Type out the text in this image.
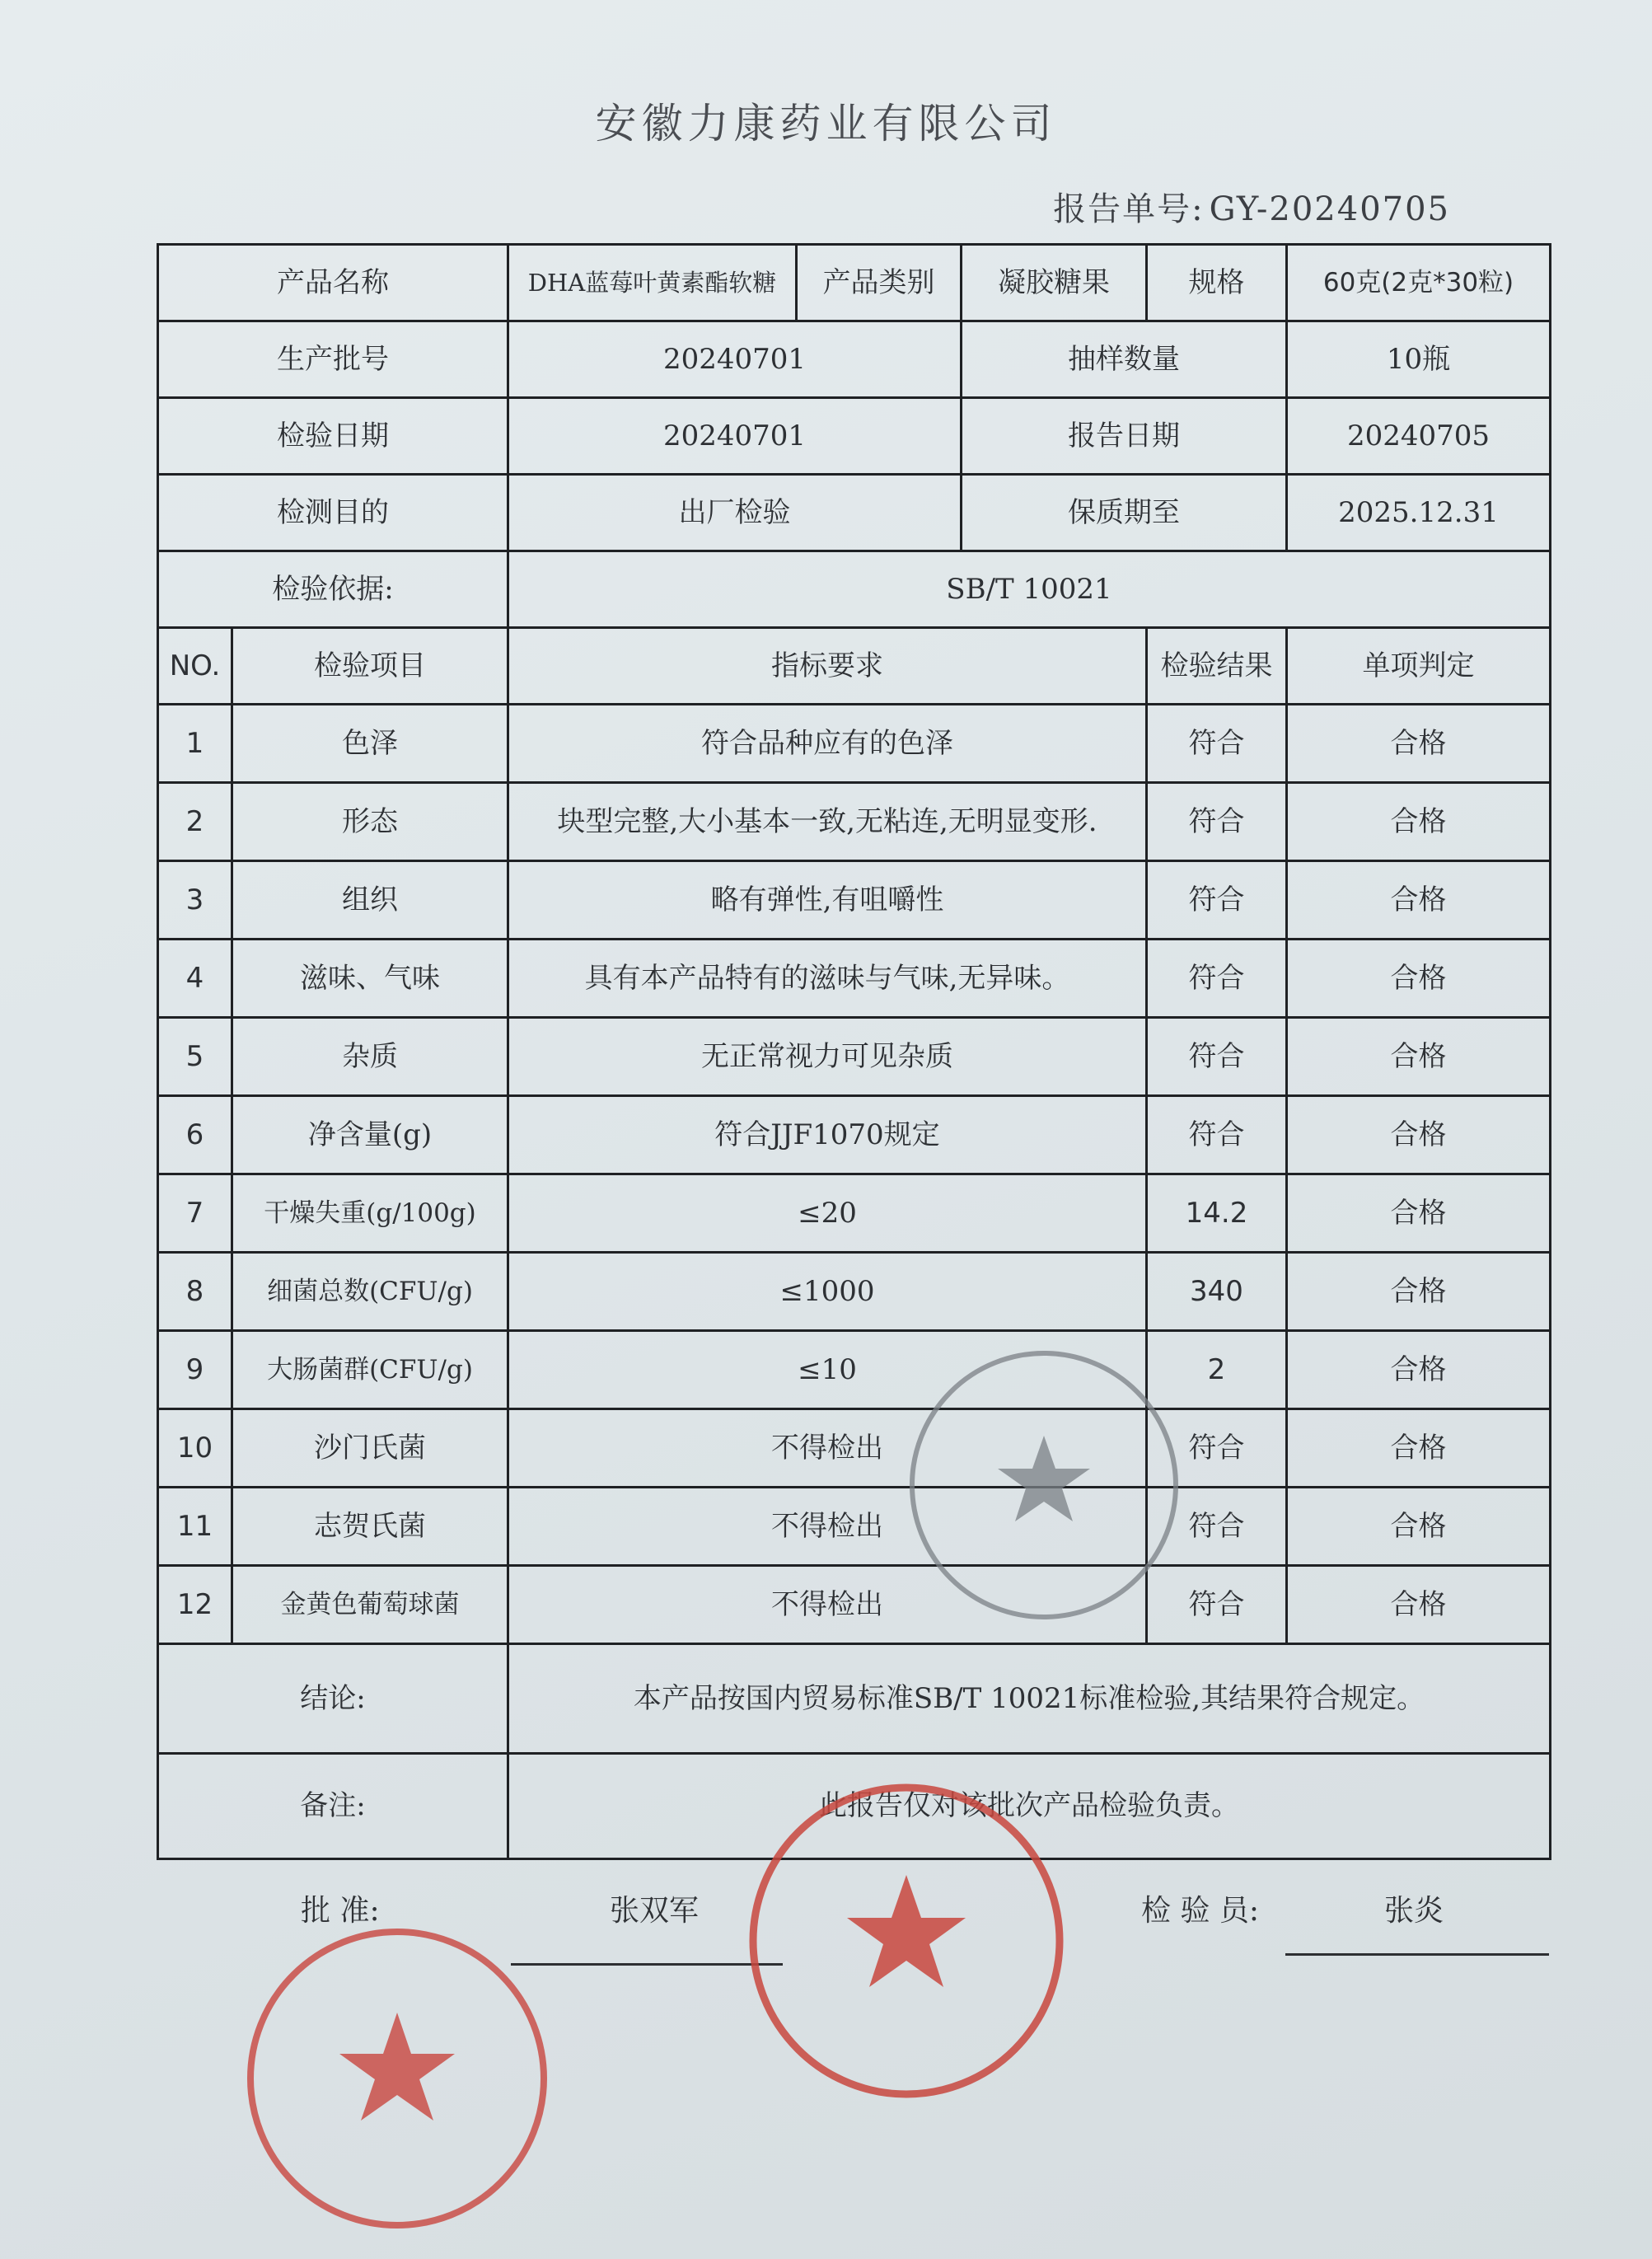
安徽力康药业有限公司
报告单号: GY-20240705
产品名称		DHA蓝莓叶黄素酯软糖	产品类别	凝胶糖果	规格	60克(2克*30粒)
生产批号		20240701		抽样数量		10瓶
检验日期		20240701		报告日期		20240705
检测目的		出厂检验		保质期至		2025.12.31
检验依据:		SB/T 10021				
NO.	检验项目	指标要求			检验结果	单项判定
1	色泽	符合品种应有的色泽			符合	合格
2	形态	块型完整,大小基本一致,无粘连,无明显变形.			符合	合格
3	组织	略有弹性,有咀嚼性			符合	合格
4	滋味、气味	具有本产品特有的滋味与气味,无异味。			符合	合格
5	杂质	无正常视力可见杂质			符合	合格
6	净含量(g)	符合JJF1070规定			符合	合格
7	干燥失重(g/100g)	≤20			14.2	合格
8	细菌总数(CFU/g)	≤1000			340	合格
9	大肠菌群(CFU/g)	≤10			2	合格
10	沙门氏菌	不得检出			符合	合格
11	志贺氏菌	不得检出			符合	合格
12	金黄色葡萄球菌	不得检出			符合	合格
结论:		本产品按国内贸易标准SB/T 10021标准检验,其结果符合规定。				
备注:		此报告仅对该批次产品检验负责。				
批 准:	张双军	检 验 员:	张炎
